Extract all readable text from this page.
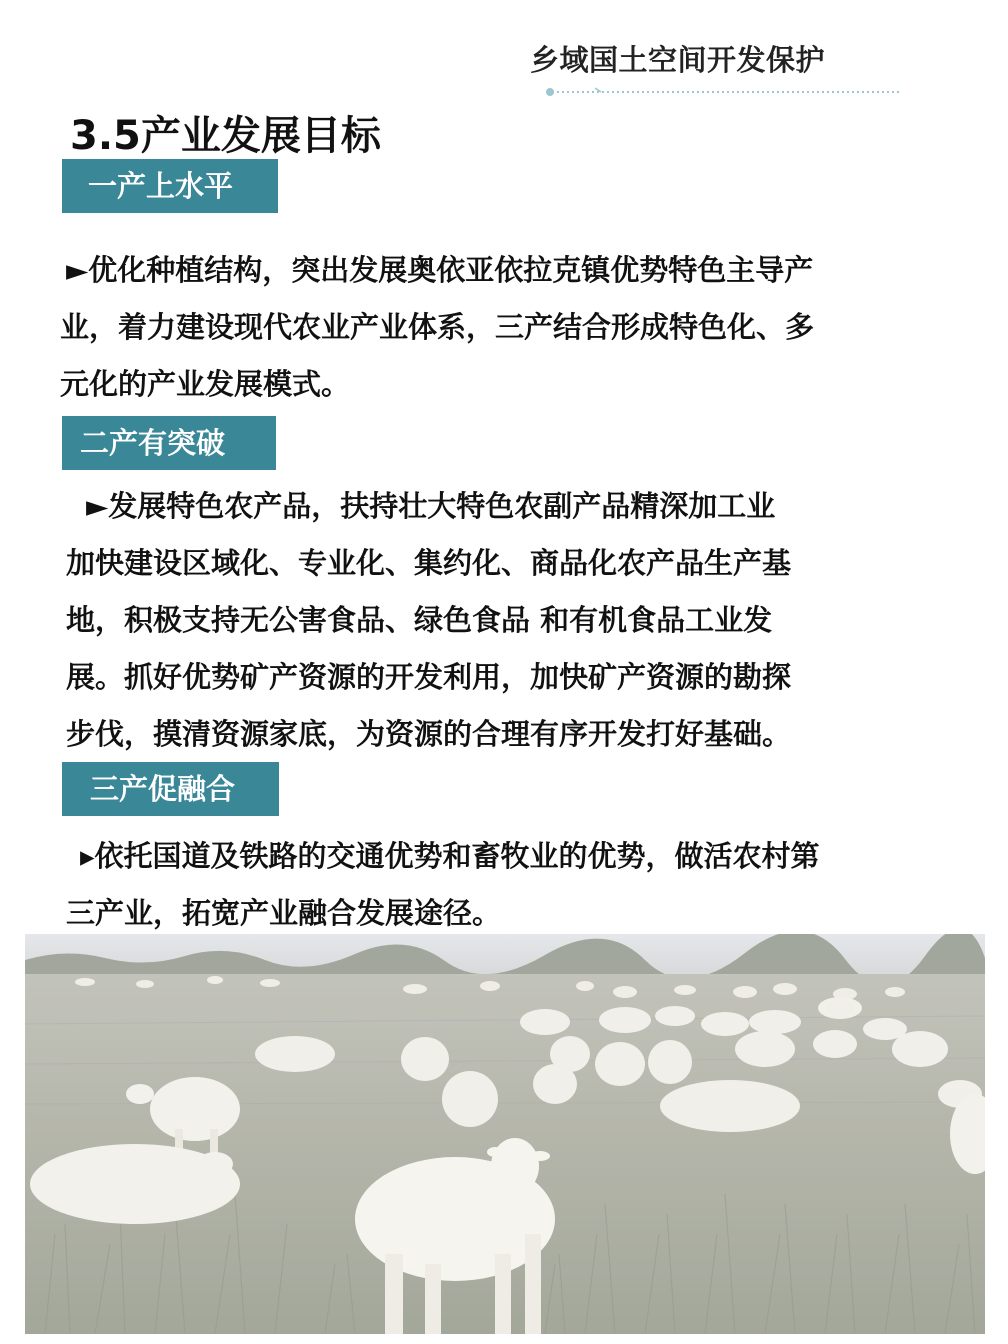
乡域国土空间开发保护
3.5产业发展目标
一产上水平
►优化种植结构，突出发展奥依亚依拉克镇优势特色主导产
业，着力建设现代农业产业体系，三产结合形成特色化、多
元化的产业发展模式。
二产有突破
►发展特色农产品，扶持壮大特色农副产品精深加工业
加快建设区域化、专业化、集约化、商品化农产品生产基
地，积极支持无公害食品、绿色食品 和有机食品工业发
展。抓好优势矿产资源的开发利用，加快矿产资源的勘探
步伐，摸清资源家底，为资源的合理有序开发打好基础。
三产促融合
▸依托国道及铁路的交通优势和畜牧业的优势，做活农村第
三产业，拓宽产业融合发展途径。
